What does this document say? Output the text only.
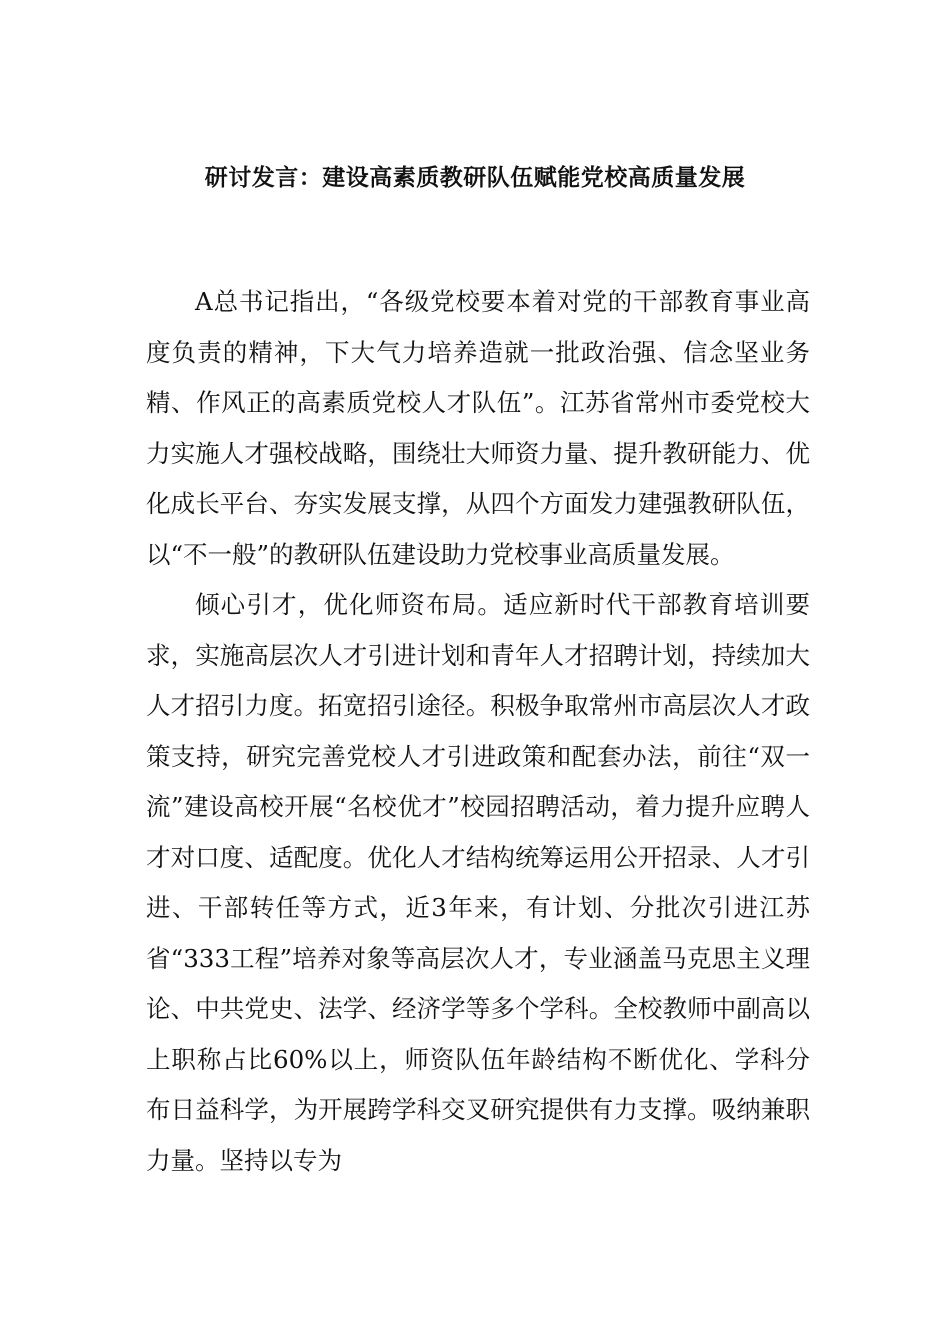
研讨发言：建设高素质教研队伍赋能党校高质量发展

A总书记指出，“各级党校要本着对党的干部教育事业高度负责的精神，下大气力培养造就一批政治强、信念坚业务精、作风正的高素质党校人才队伍”。江苏省常州市委党校大力实施人才强校战略，围绕壮大师资力量、提升教研能力、优化成长平台、夯实发展支撑，从四个方面发力建强教研队伍，以“不一般”的教研队伍建设助力党校事业高质量发展。

倾心引才，优化师资布局。适应新时代干部教育培训要求，实施高层次人才引进计划和青年人才招聘计划，持续加大人才招引力度。拓宽招引途径。积极争取常州市高层次人才政策支持，研究完善党校人才引进政策和配套办法，前往“双一流”建设高校开展“名校优才”校园招聘活动，着力提升应聘人才对口度、适配度。优化人才结构统筹运用公开招录、人才引进、干部转任等方式，近3年来，有计划、分批次引进江苏省“333工程”培养对象等高层次人才，专业涵盖马克思主义理论、中共党史、法学、经济学等多个学科。全校教师中副高以上职称占比60%以上，师资队伍年龄结构不断优化、学科分布日益科学，为开展跨学科交叉研究提供有力支撑。吸纳兼职力量。坚持以专为
